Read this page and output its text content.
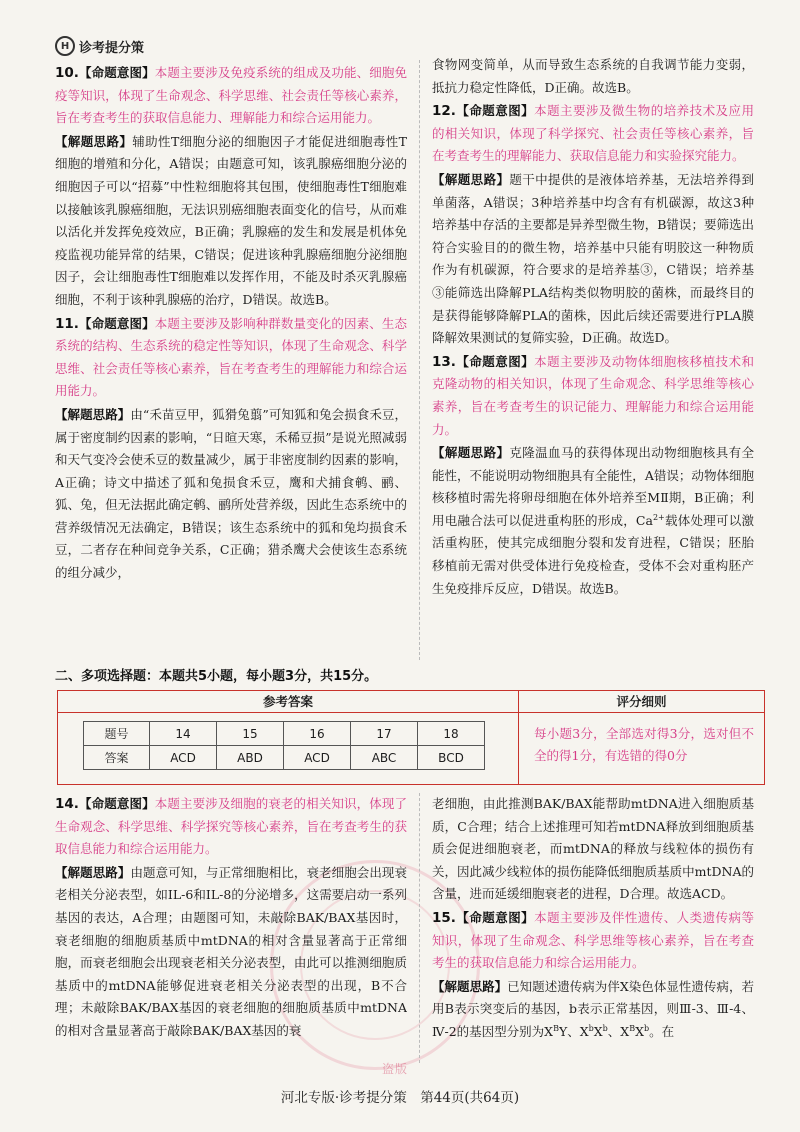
H 诊考提分策

10.【命题意图】本题主要涉及免疫系统的组成及功能、细胞免疫等知识，体现了生命观念、科学思维、社会责任等核心素养，旨在考查考生的获取信息能力、理解能力和综合运用能力。

【解题思路】辅助性T细胞分泌的细胞因子才能促进细胞毒性T细胞的增殖和分化，A错误；由题意可知，该乳腺癌细胞分泌的细胞因子可以“招募”中性粒细胞将其包围，使细胞毒性T细胞难以接触该乳腺癌细胞，无法识别癌细胞表面变化的信号，从而难以活化并发挥免疫效应，B正确；乳腺癌的发生和发展是机体免疫监视功能异常的结果，C错误；促进该种乳腺癌细胞分泌细胞因子，会让细胞毒性T细胞难以发挥作用，不能及时杀灭乳腺癌细胞，不利于该种乳腺癌的治疗，D错误。故选B。

11.【命题意图】本题主要涉及影响种群数量变化的因素、生态系统的结构、生态系统的稳定性等知识，体现了生命观念、科学思维、社会责任等核心素养，旨在考查考生的理解能力和综合运用能力。

【解题思路】由“禾苗豆甲，狐猾兔翦”可知狐和兔会损食禾豆，属于密度制约因素的影响，“日暄天寒，禾稀豆损”是说光照减弱和天气变冷会使禾豆的数量减少，属于非密度制约因素的影响，A正确；诗文中描述了狐和兔损食禾豆，鹰和犬捕食鹌、鹂、狐、兔，但无法据此确定鹌、鹂所处营养级，因此生态系统中的营养级情况无法确定，B错误；该生态系统中的狐和兔均损食禾豆，二者存在种间竞争关系，C正确；猎杀鹰犬会使该生态系统的组分减少，

食物网变简单，从而导致生态系统的自我调节能力变弱，抵抗力稳定性降低，D正确。故选B。

12.【命题意图】本题主要涉及微生物的培养技术及应用的相关知识，体现了科学探究、社会责任等核心素养，旨在考查考生的理解能力、获取信息能力和实验探究能力。

【解题思路】题干中提供的是液体培养基，无法培养得到单菌落，A错误；3种培养基中均含有有机碳源，故这3种培养基中存活的主要都是异养型微生物，B错误；要筛选出符合实验目的的微生物，培养基中只能有明胶这一种物质作为有机碳源，符合要求的是培养基③，C错误；培养基③能筛选出降解PLA结构类似物明胶的菌株，而最终目的是获得能够降解PLA的菌株，因此后续还需要进行PLA膜降解效果测试的复筛实验，D正确。故选D。

13.【命题意图】本题主要涉及动物体细胞核移植技术和克隆动物的相关知识，体现了生命观念、科学思维等核心素养，旨在考查考生的识记能力、理解能力和综合运用能力。

【解题思路】克隆温血马的获得体现出动物细胞核具有全能性，不能说明动物细胞具有全能性，A错误；动物体细胞核移植时需先将卵母细胞在体外培养至MⅡ期，B正确；利用电融合法可以促进重构胚的形成，$Ca^{2+}$载体处理可以激活重构胚，使其完成细胞分裂和发育进程，C错误；胚胎移植前无需对供受体进行免疫检查，受体不会对重构胚产生免疫排斥反应，D错误。故选B。

二、多项选择题：本题共5小题，每小题3分，共15分。
参考答案	评分细则
题号	14	15	16	17	18
答案	ACD	ABD	ACD	ABC	BCD
每小题3分，全部选对得3分，选对但不全的得1分，有选错的得0分

14.【命题意图】本题主要涉及细胞的衰老的相关知识，体现了生命观念、科学思维、科学探究等核心素养，旨在考查考生的获取信息能力和综合运用能力。

【解题思路】由题意可知，与正常细胞相比，衰老细胞会出现衰老相关分泌表型，如IL-6和IL-8的分泌增多，这需要启动一系列基因的表达，A合理；由题图可知，未敲除BAK/BAX基因时，衰老细胞的细胞质基质中mtDNA的相对含量显著高于正常细胞，而衰老细胞会出现衰老相关分泌表型，由此可以推测细胞质基质中的mtDNA能够促进衰老相关分泌表型的出现，B不合理；未敲除BAK/BAX基因的衰老细胞的细胞质基质中mtDNA的相对含量显著高于敲除BAK/BAX基因的衰

老细胞，由此推测BAK/BAX能帮助mtDNA进入细胞质基质，C合理；结合上述推理可知若mtDNA释放到细胞质基质会促进细胞衰老，而mtDNA的释放与线粒体的损伤有关，因此减少线粒体的损伤能降低细胞质基质中mtDNA的含量，进而延缓细胞衰老的进程，D合理。故选ACD。

15.【命题意图】本题主要涉及伴性遗传、人类遗传病等知识，体现了生命观念、科学思维等核心素养，旨在考查考生的获取信息能力和综合运用能力。

【解题思路】已知题述遗传病为伴X染色体显性遗传病，若用B表示突变后的基因，b表示正常基因，则Ⅲ-3、Ⅲ-4、Ⅳ-2的基因型分别为$X^BY$、$X^bX^b$、$X^BX^b$。在

盗版
河北专版·诊考提分策　第44页(共64页)
